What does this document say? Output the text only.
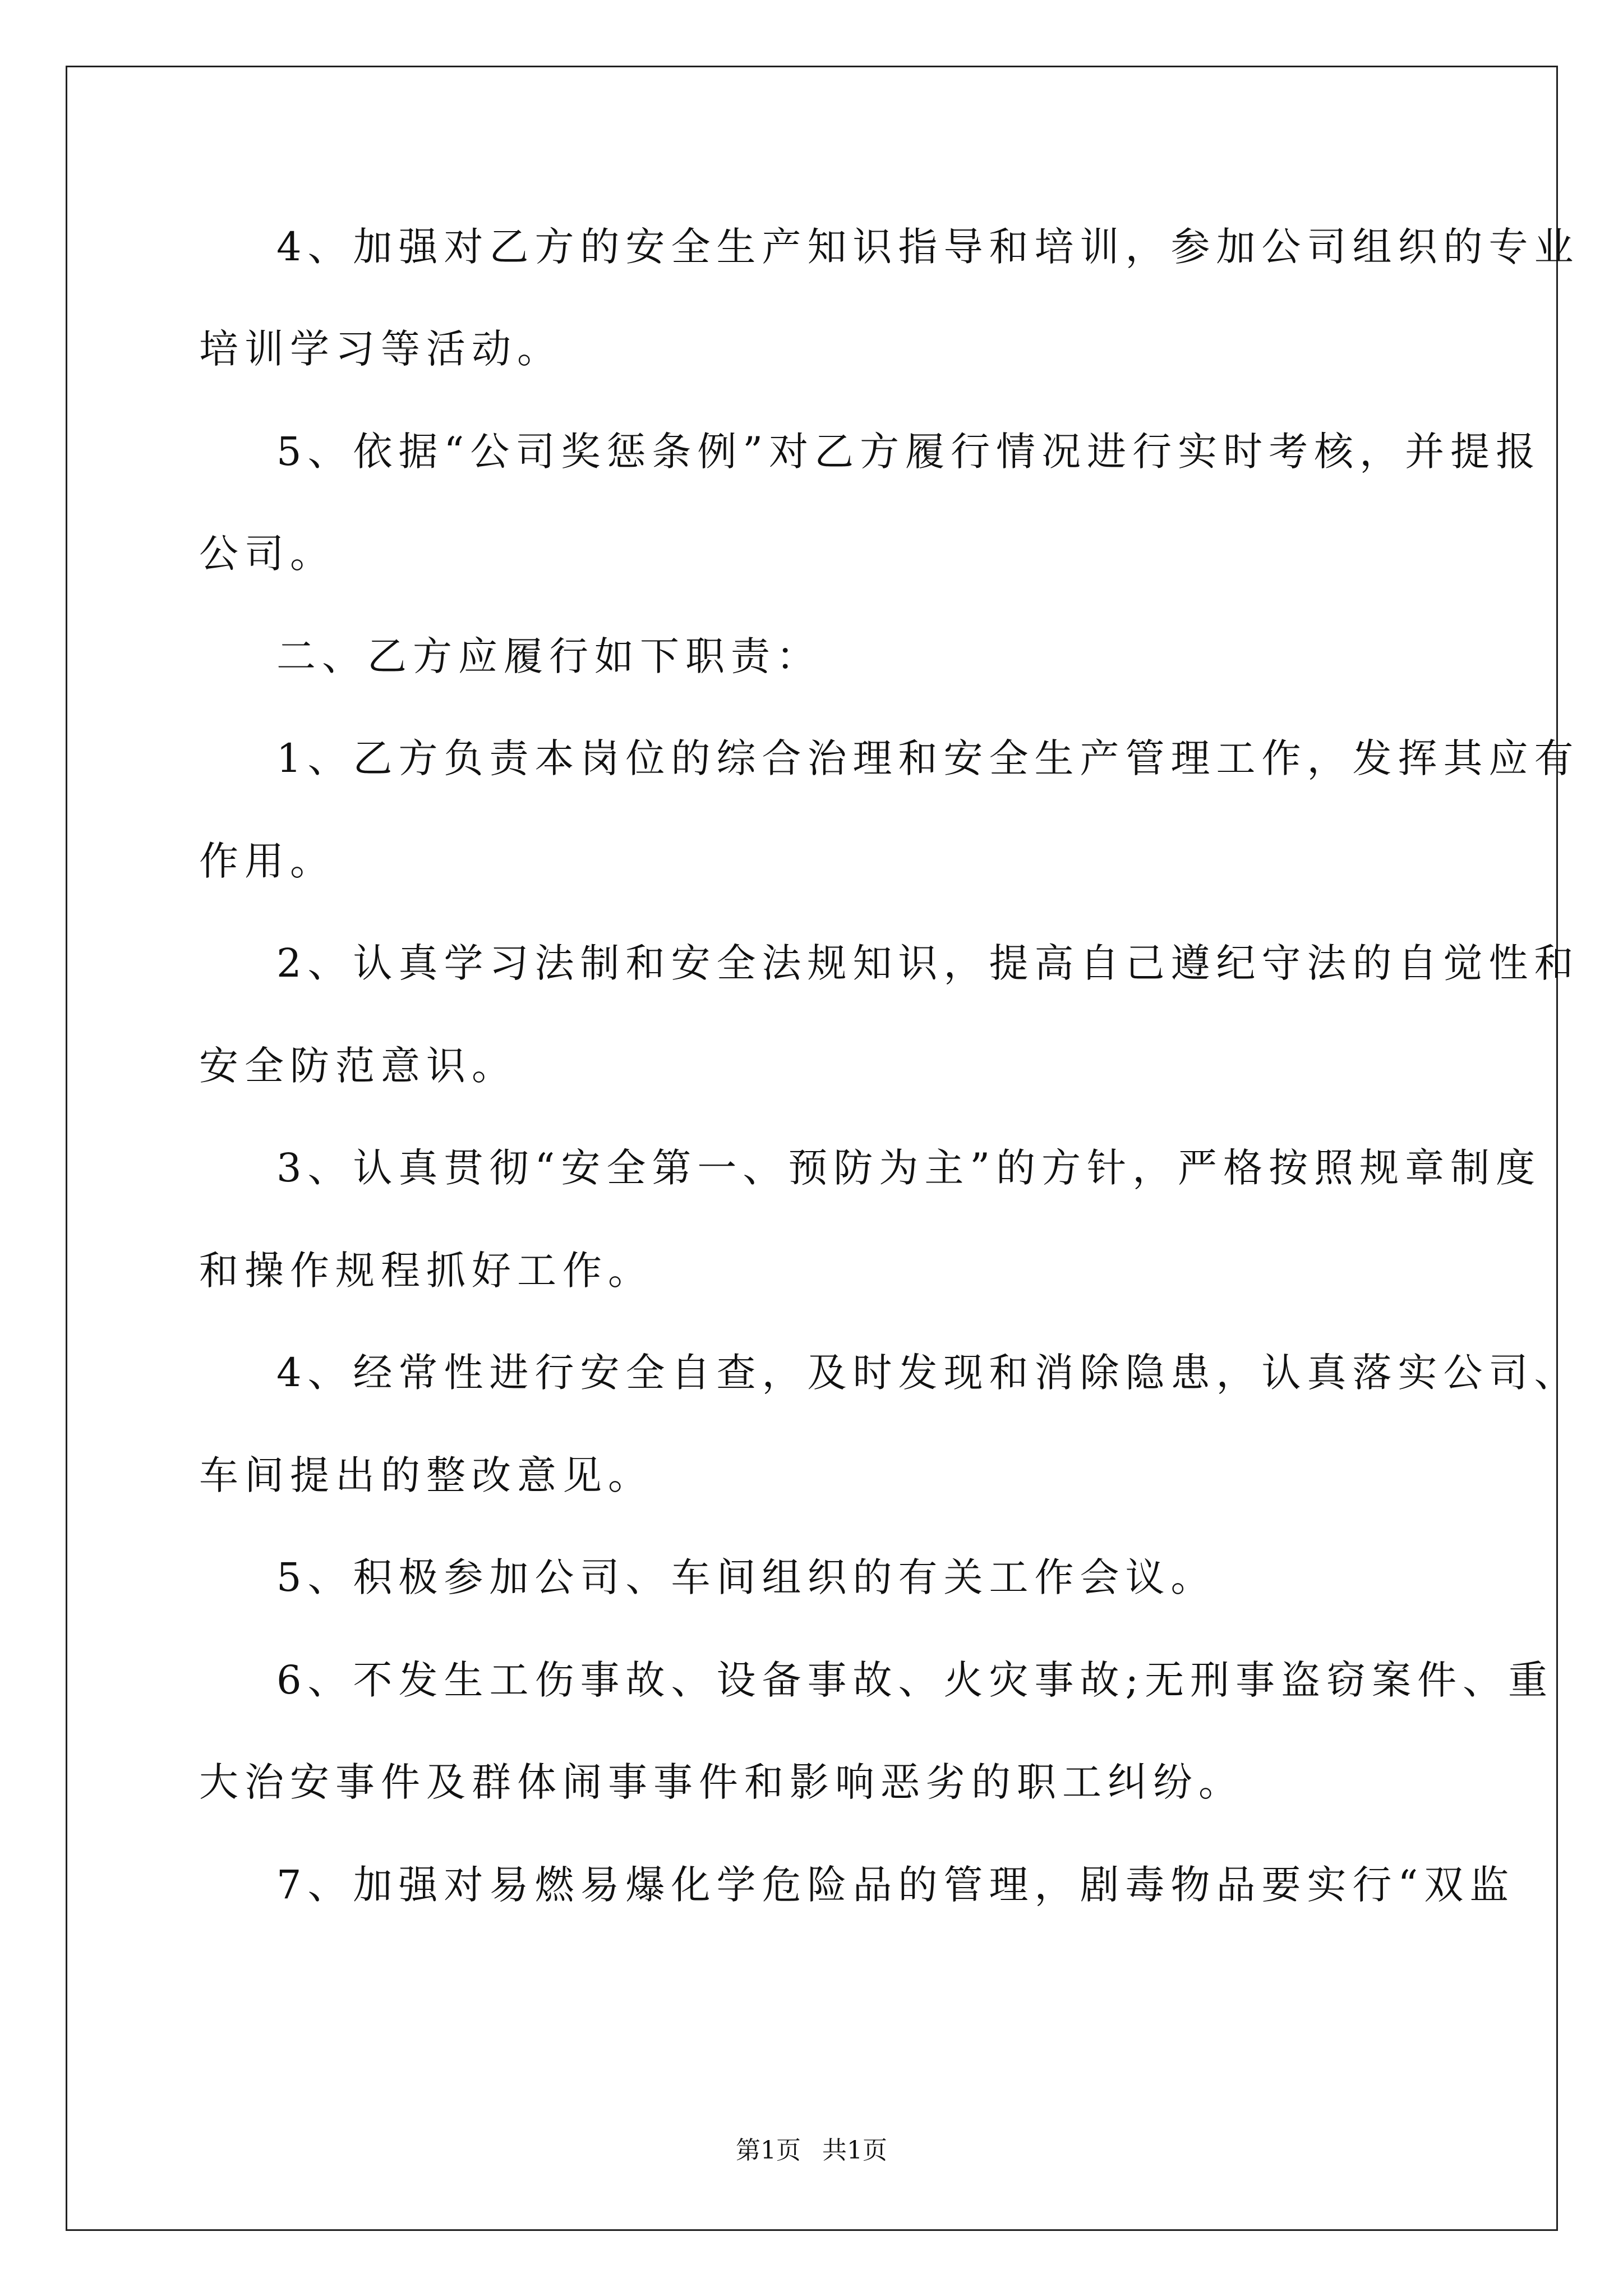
4、加强对乙方的安全生产知识指导和培训，参加公司组织的专业
培训学习等活动。
5、依据“公司奖惩条例”对乙方履行情况进行实时考核，并提报
公司。
二、乙方应履行如下职责：
1、乙方负责本岗位的综合治理和安全生产管理工作，发挥其应有
作用。
2、认真学习法制和安全法规知识，提高自己遵纪守法的自觉性和
安全防范意识。
3、认真贯彻“安全第一、预防为主”的方针，严格按照规章制度
和操作规程抓好工作。
4、经常性进行安全自查，及时发现和消除隐患，认真落实公司、
车间提出的整改意见。
5、积极参加公司、车间组织的有关工作会议。
6、不发生工伤事故、设备事故、火灾事故;无刑事盗窃案件、重
大治安事件及群体闹事事件和影响恶劣的职工纠纷。
7、加强对易燃易爆化学危险品的管理，剧毒物品要实行“双监
第1页 共1页
